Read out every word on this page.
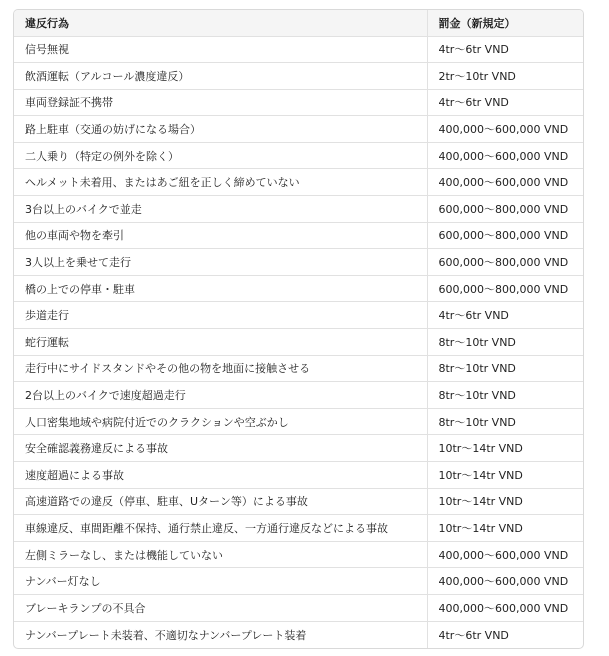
違反行為	罰金（新規定）
信号無視	4tr〜6tr VND
飲酒運転（アルコール濃度違反）	2tr〜10tr VND
車両登録証不携帯	4tr〜6tr VND
路上駐車（交通の妨げになる場合）	400,000〜600,000 VND
二人乗り（特定の例外を除く）	400,000〜600,000 VND
ヘルメット未着用、またはあご紐を正しく締めていない	400,000〜600,000 VND
3台以上のバイクで並走	600,000〜800,000 VND
他の車両や物を牽引	600,000〜800,000 VND
3人以上を乗せて走行	600,000〜800,000 VND
橋の上での停車・駐車	600,000〜800,000 VND
歩道走行	4tr〜6tr VND
蛇行運転	8tr〜10tr VND
走行中にサイドスタンドやその他の物を地面に接触させる	8tr〜10tr VND
2台以上のバイクで速度超過走行	8tr〜10tr VND
人口密集地域や病院付近でのクラクションや空ぶかし	8tr〜10tr VND
安全確認義務違反による事故	10tr〜14tr VND
速度超過による事故	10tr〜14tr VND
高速道路での違反（停車、駐車、Uターン等）による事故	10tr〜14tr VND
車線違反、車間距離不保持、通行禁止違反、一方通行違反などによる事故	10tr〜14tr VND
左側ミラーなし、または機能していない	400,000〜600,000 VND
ナンバー灯なし	400,000〜600,000 VND
ブレーキランプの不具合	400,000〜600,000 VND
ナンバープレート未装着、不適切なナンバープレート装着	4tr〜6tr VND
